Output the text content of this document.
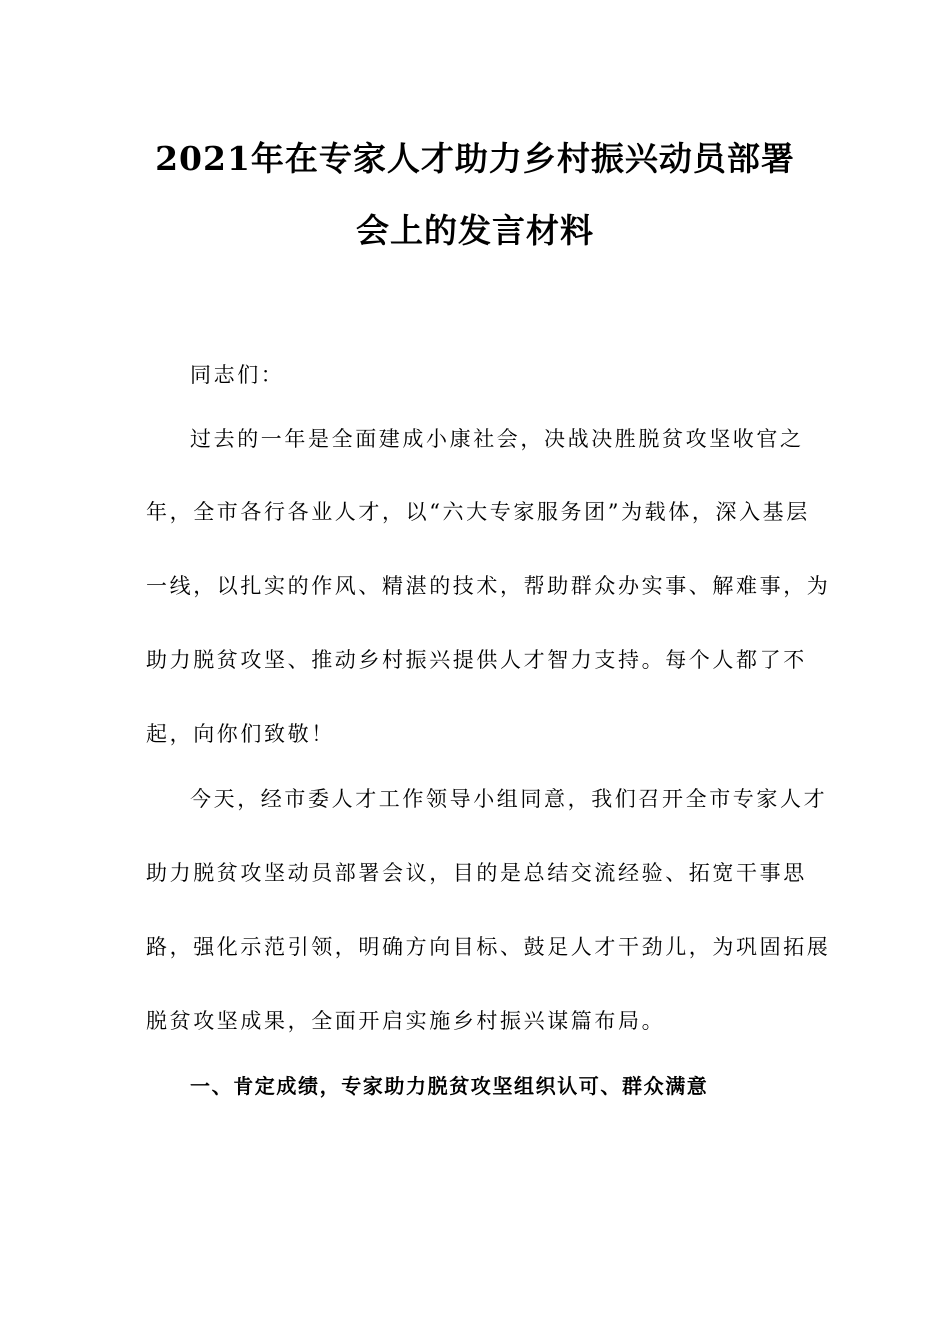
2021年在专家人才助力乡村振兴动员部署
会上的发言材料
同志们：
过去的一年是全面建成小康社会，决战决胜脱贫攻坚收官之
年，全市各行各业人才，以“六大专家服务团”为载体，深入基层
一线，以扎实的作风、精湛的技术，帮助群众办实事、解难事，为
助力脱贫攻坚、推动乡村振兴提供人才智力支持。每个人都了不
起，向你们致敬！
今天，经市委人才工作领导小组同意，我们召开全市专家人才
助力脱贫攻坚动员部署会议，目的是总结交流经验、拓宽干事思
路，强化示范引领，明确方向目标、鼓足人才干劲儿，为巩固拓展
脱贫攻坚成果，全面开启实施乡村振兴谋篇布局。
一、肯定成绩，专家助力脱贫攻坚组织认可、群众满意
